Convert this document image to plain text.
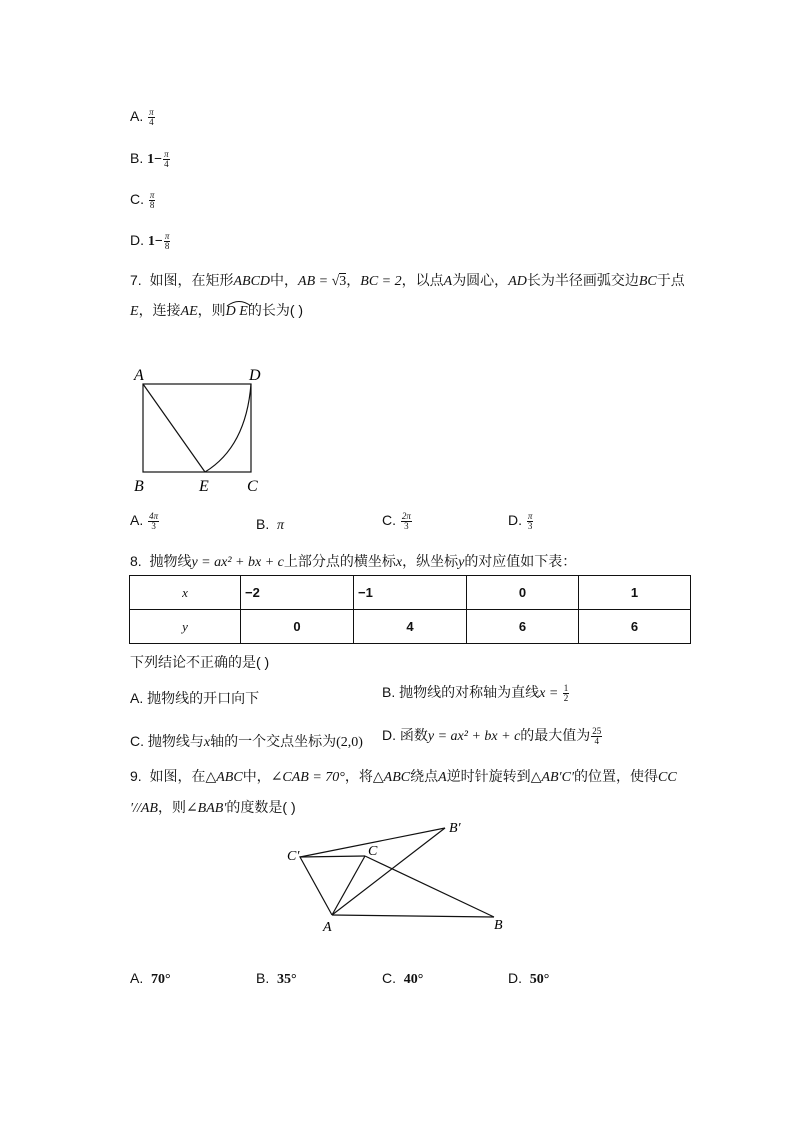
A. $\frac{\pi}{4}$
B. $1- \frac{\pi}{4}$
C. $\frac{\pi}{8}$
D. $1- \frac{\pi}{8}$
7. 如图，在矩形ABCD中，AB = √3，BC = 2，以点A为圆心，AD长为半径画弧交边BC于点
E，连接AE，则
D E的长为( )
A	D
B	E C
A. $\frac{4\pi}{3}$	B. π	C. $\frac{2\pi}{3}$	D. $\frac{\pi}{3}$
8. 抛物线y = ax² + bx + c上部分点的横坐标x，纵坐标y的对应值如下表：
x	−2	−1	0	1
y	0	4	6	6
下列结论不正确的是( )
A. 抛物线的开口向下	B. 抛物线的对称轴为直线$x = \frac{1}{2}$
C. 抛物线与x轴的一个交点坐标为(2,0) D. 函数y = ax² + bx + c的最大值为 $\frac{25}{4}$
9. 如图，在△ABC中，∠CAB = 70°，将△ABC绕点A逆时针旋转到△AB′C′的位置，使得CC
′//AB，则∠BAB′的度数是( )
C′	C
B′
A	B
A. 70°	B. 35°	C. 40°	D. 50°
